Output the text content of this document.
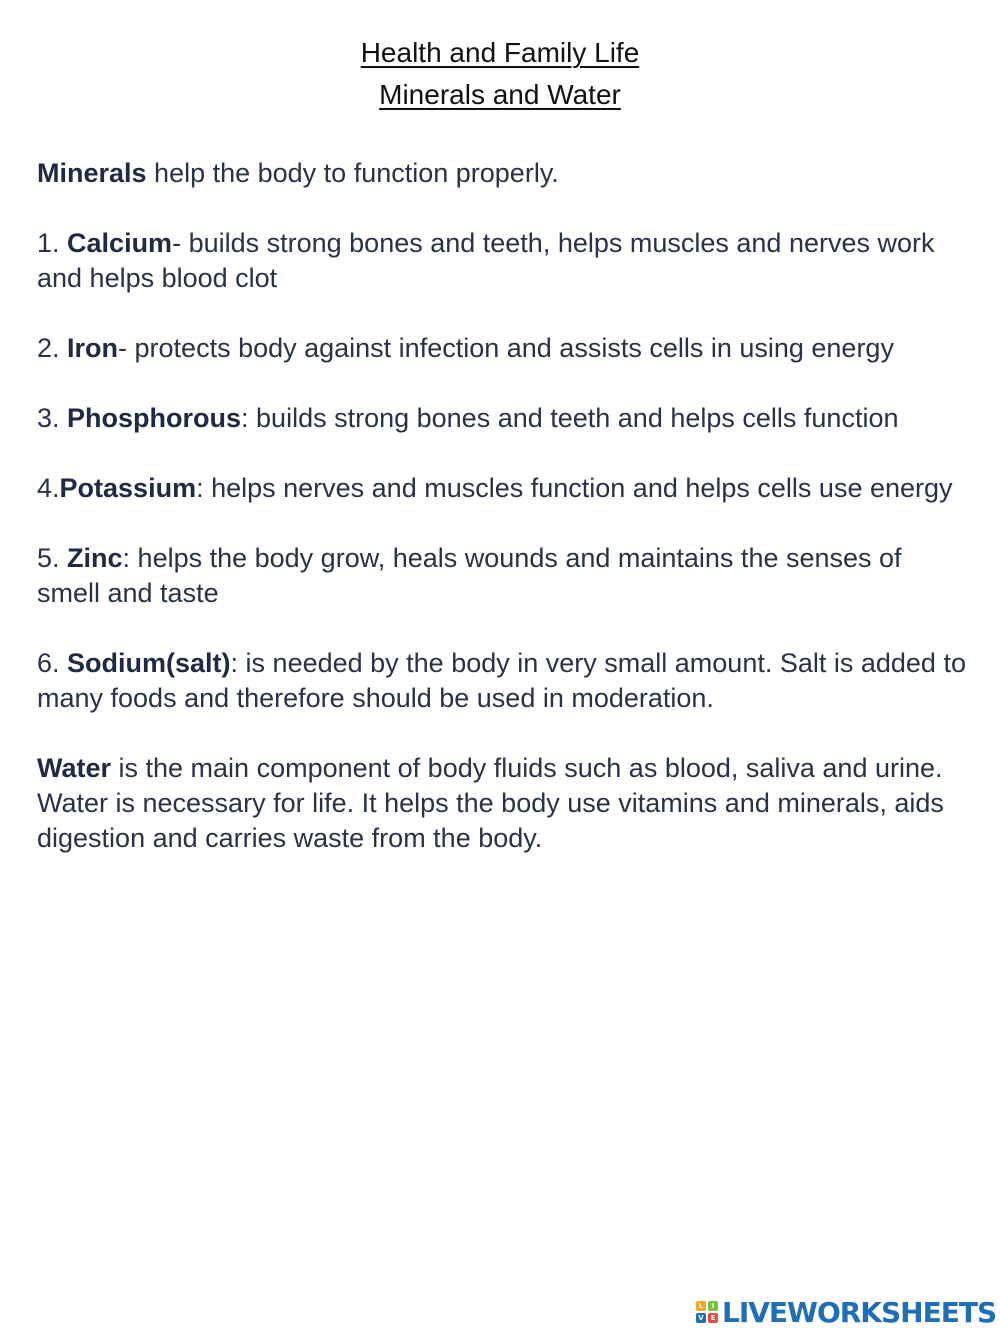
Health and Family Life
Minerals and Water

Minerals help the body to function properly.

1. Calcium- builds strong bones and teeth, helps muscles and nerves work and helps blood clot

2. Iron- protects body against infection and assists cells in using energy

3. Phosphorous: builds strong bones and teeth and helps cells function

4.Potassium: helps nerves and muscles function and helps cells use energy

5. Zinc: helps the body grow, heals wounds and maintains the senses of smell and taste

6. Sodium(salt): is needed by the body in very small amount. Salt is added to many foods and therefore should be used in moderation.

Water is the main component of body fluids such as blood, saliva and urine. Water is necessary for life. It helps the body use vitamins and minerals, aids digestion and carries waste from the body.

L	I
V E LIVEWORKSHEETS
